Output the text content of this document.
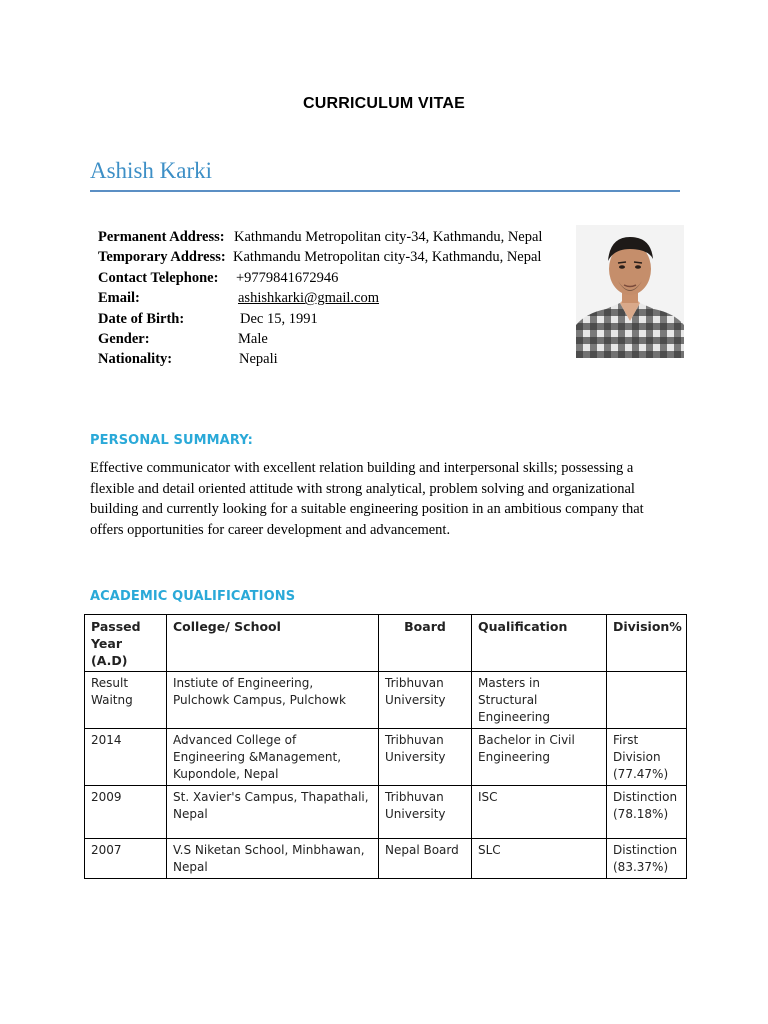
CURRICULUM VITAE
Ashish Karki
Permanent Address: Kathmandu Metropolitan city-34, Kathmandu, Nepal
Temporary Address: Kathmandu Metropolitan city-34, Kathmandu, Nepal
Contact Telephone: +9779841672946
Email:	ashishkarki@gmail.com
Date of Birth:	Dec 15, 1991
Gender:	Male
Nationality:	Nepali
PERSONAL SUMMARY:
Effective communicator with excellent relation building and interpersonal skills; possessing a flexible and detail oriented attitude with strong analytical, problem solving and organizational building and currently looking for a suitable engineering position in an ambitious company that offers opportunities for career development and advancement.
ACADEMIC QUALIFICATIONS
Passed Year (A.D)	College/ School	Board	Qualification	Division%
Result Waitng	Instiute of Engineering, Pulchowk Campus, Pulchowk	Tribhuvan University	Masters in Structural Engineering	
2014	Advanced College of Engineering &Management, Kupondole, Nepal	Tribhuvan University	Bachelor in Civil Engineering	First Division (77.47%)
2009	St. Xavier's Campus, Thapathali, Nepal	Tribhuvan University	ISC	Distinction (78.18%)
2007	V.S Niketan School, Minbhawan, Nepal	Nepal Board	SLC	Distinction (83.37%)
